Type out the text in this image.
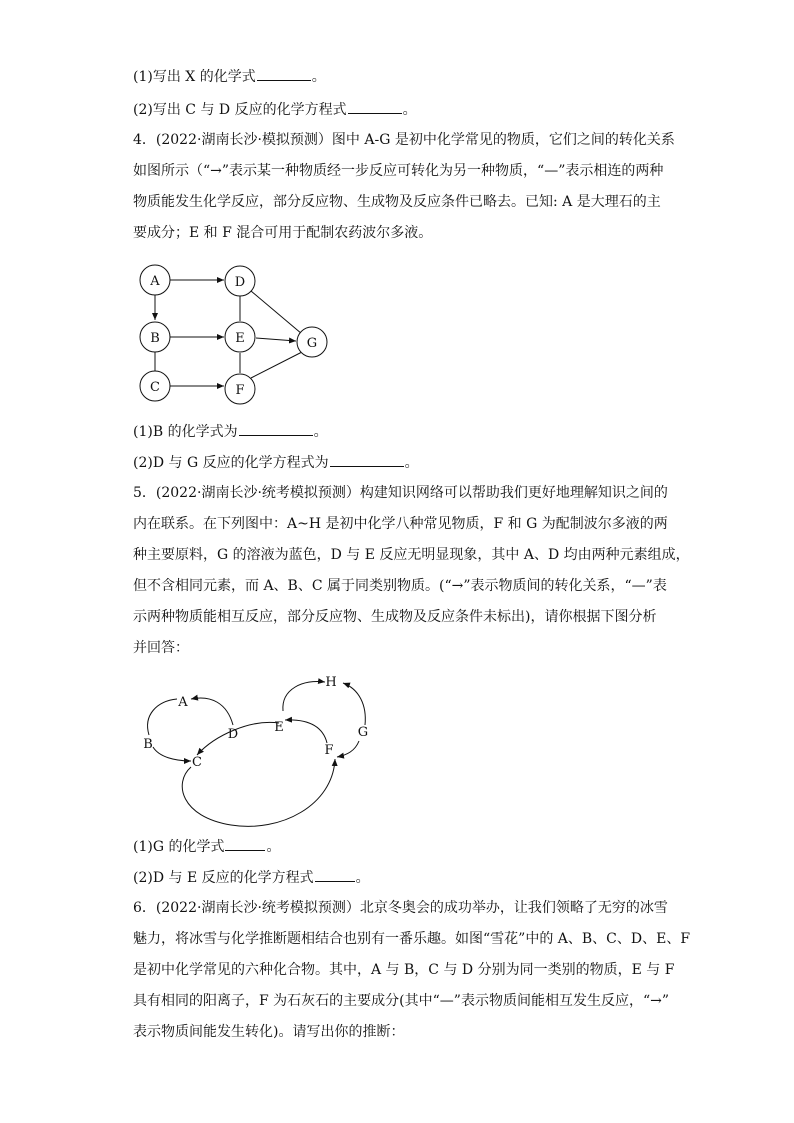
(1)写出 X 的化学式	。
(2)写出 C 与 D 反应的化学方程式	。
4．(2022·湖南长沙·模拟预测）图中 A-G 是初中化学常见的物质，它们之间的转化关系
如图所示（“→”表示某一种物质经一步反应可转化为另一种物质，“—”表示相连的两种
物质能发生化学反应，部分反应物、生成物及反应条件已略去。已知: A 是大理石的主
要成分；E 和 F 混合可用于配制农药波尔多液。
A
B
C
D
E
F
G
(1)B 的化学式为	。
(2)D 与 G 反应的化学方程式为	。
5．(2022·湖南长沙·统考模拟预测）构建知识网络可以帮助我们更好地理解知识之间的
内在联系。在下列图中：A~H 是初中化学八种常见物质，F 和 G 为配制波尔多液的两
种主要原料，G 的溶液为蓝色，D 与 E 反应无明显现象，其中 A、D 均由两种元素组成，
但不含相同元素，而 A、B、C 属于同类别物质。(“→”表示物质间的转化关系，“—”表
示两种物质能相互反应，部分反应物、生成物及反应条件未标出)，请你根据下图分析
并回答：
A
B
C
D	E
F
G
H
(1)G 的化学式	。
(2)D 与 E 反应的化学方程式	。
6．(2022·湖南长沙·统考模拟预测）北京冬奥会的成功举办，让我们领略了无穷的冰雪
魅力，将冰雪与化学推断题相结合也别有一番乐趣。如图“雪花”中的 A、B、C、D、E、F
是初中化学常见的六种化合物。其中，A 与 B，C 与 D 分别为同一类别的物质，E 与 F
具有相同的阳离子，F 为石灰石的主要成分(其中“—”表示物质间能相互发生反应，“→”
表示物质间能发生转化)。请写出你的推断：
